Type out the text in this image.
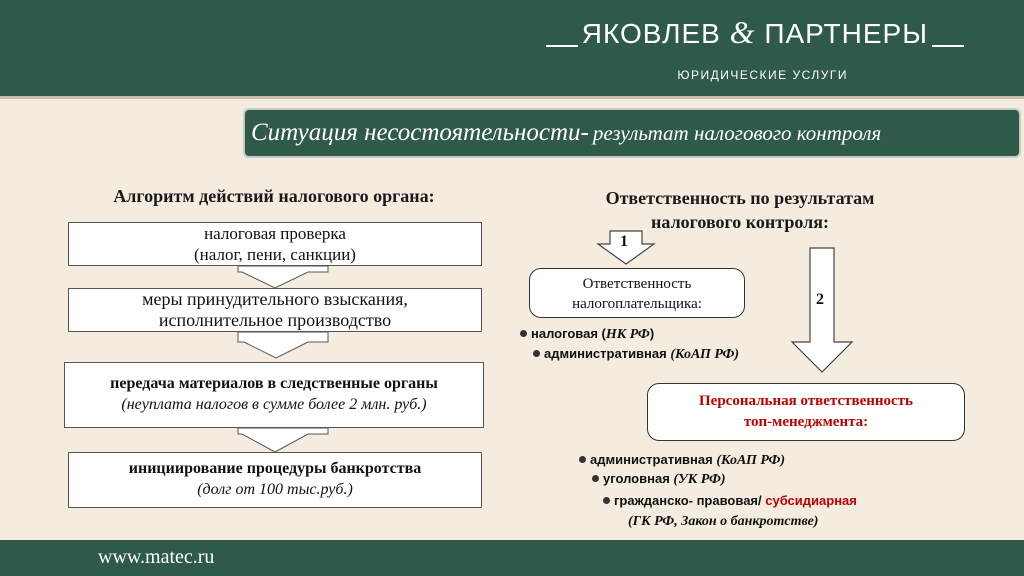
ЯКОВЛЕВ & ПАРТНЕРЫ
ЮРИДИЧЕСКИЕ УСЛУГИ
Ситуация несостоятельности- результат налогового контроля
Алгоритм действий налогового органа:
налоговая проверка
(налог, пени, санкции)
меры принудительного взыскания,
исполнительное производство
передача материалов в следственные органы
(неуплата налогов в сумме более 2 млн. руб.)
инициирование процедуры банкротства
(долг от 100 тыс.руб.)
Ответственность по результатам
налогового контроля:
1
2
Ответственность
налогоплательщика:
налоговая (НК РФ)
административная (КоАП РФ)
Персональная ответственность
топ-менеджмента:
административная (КоАП РФ)
уголовная (УК РФ)
гражданско- правовая/ субсидиарная
(ГК РФ, Закон о банкротстве)
www.matec.ru
